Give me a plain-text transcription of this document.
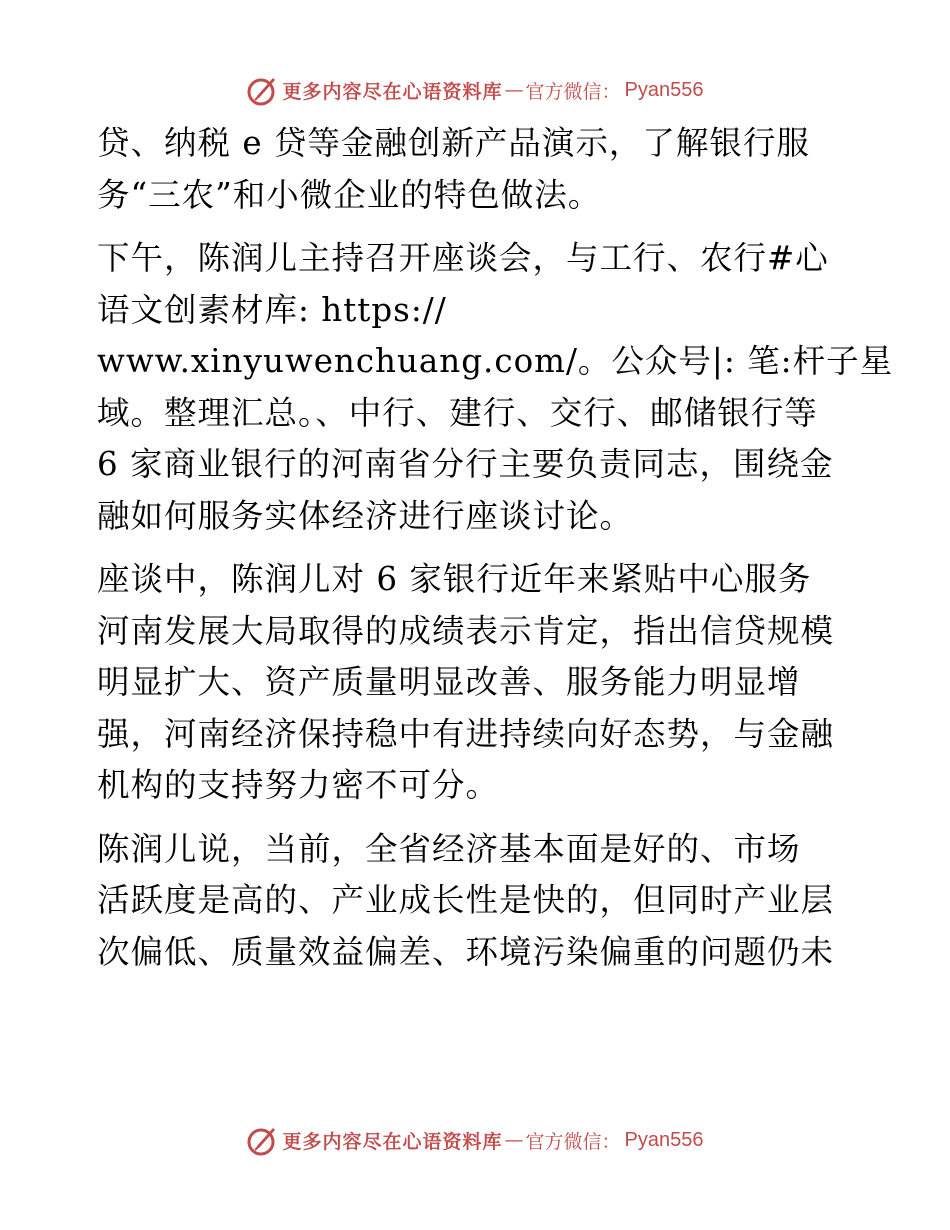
更多内容尽在心语资料库 — 官方微信： Pyan556

贷、纳税 e 贷等金融创新产品演示，了解银行服
务“三农”和小微企业的特色做法。

下午，陈润儿主持召开座谈会，与工行、农行#心
语文创素材库: https://
www.xinyuwenchuang.com/。公众号|: 笔:杆子星
域。整理汇总。、中行、建行、交行、邮储银行等
6 家商业银行的河南省分行主要负责同志，围绕金
融如何服务实体经济进行座谈讨论。

座谈中，陈润儿对 6 家银行近年来紧贴中心服务
河南发展大局取得的成绩表示肯定，指出信贷规模
明显扩大、资产质量明显改善、服务能力明显增
强，河南经济保持稳中有进持续向好态势，与金融
机构的支持努力密不可分。

陈润儿说，当前，全省经济基本面是好的、市场
活跃度是高的、产业成长性是快的，但同时产业层
次偏低、质量效益偏差、环境污染偏重的问题仍未

更多内容尽在心语资料库 — 官方微信： Pyan556
